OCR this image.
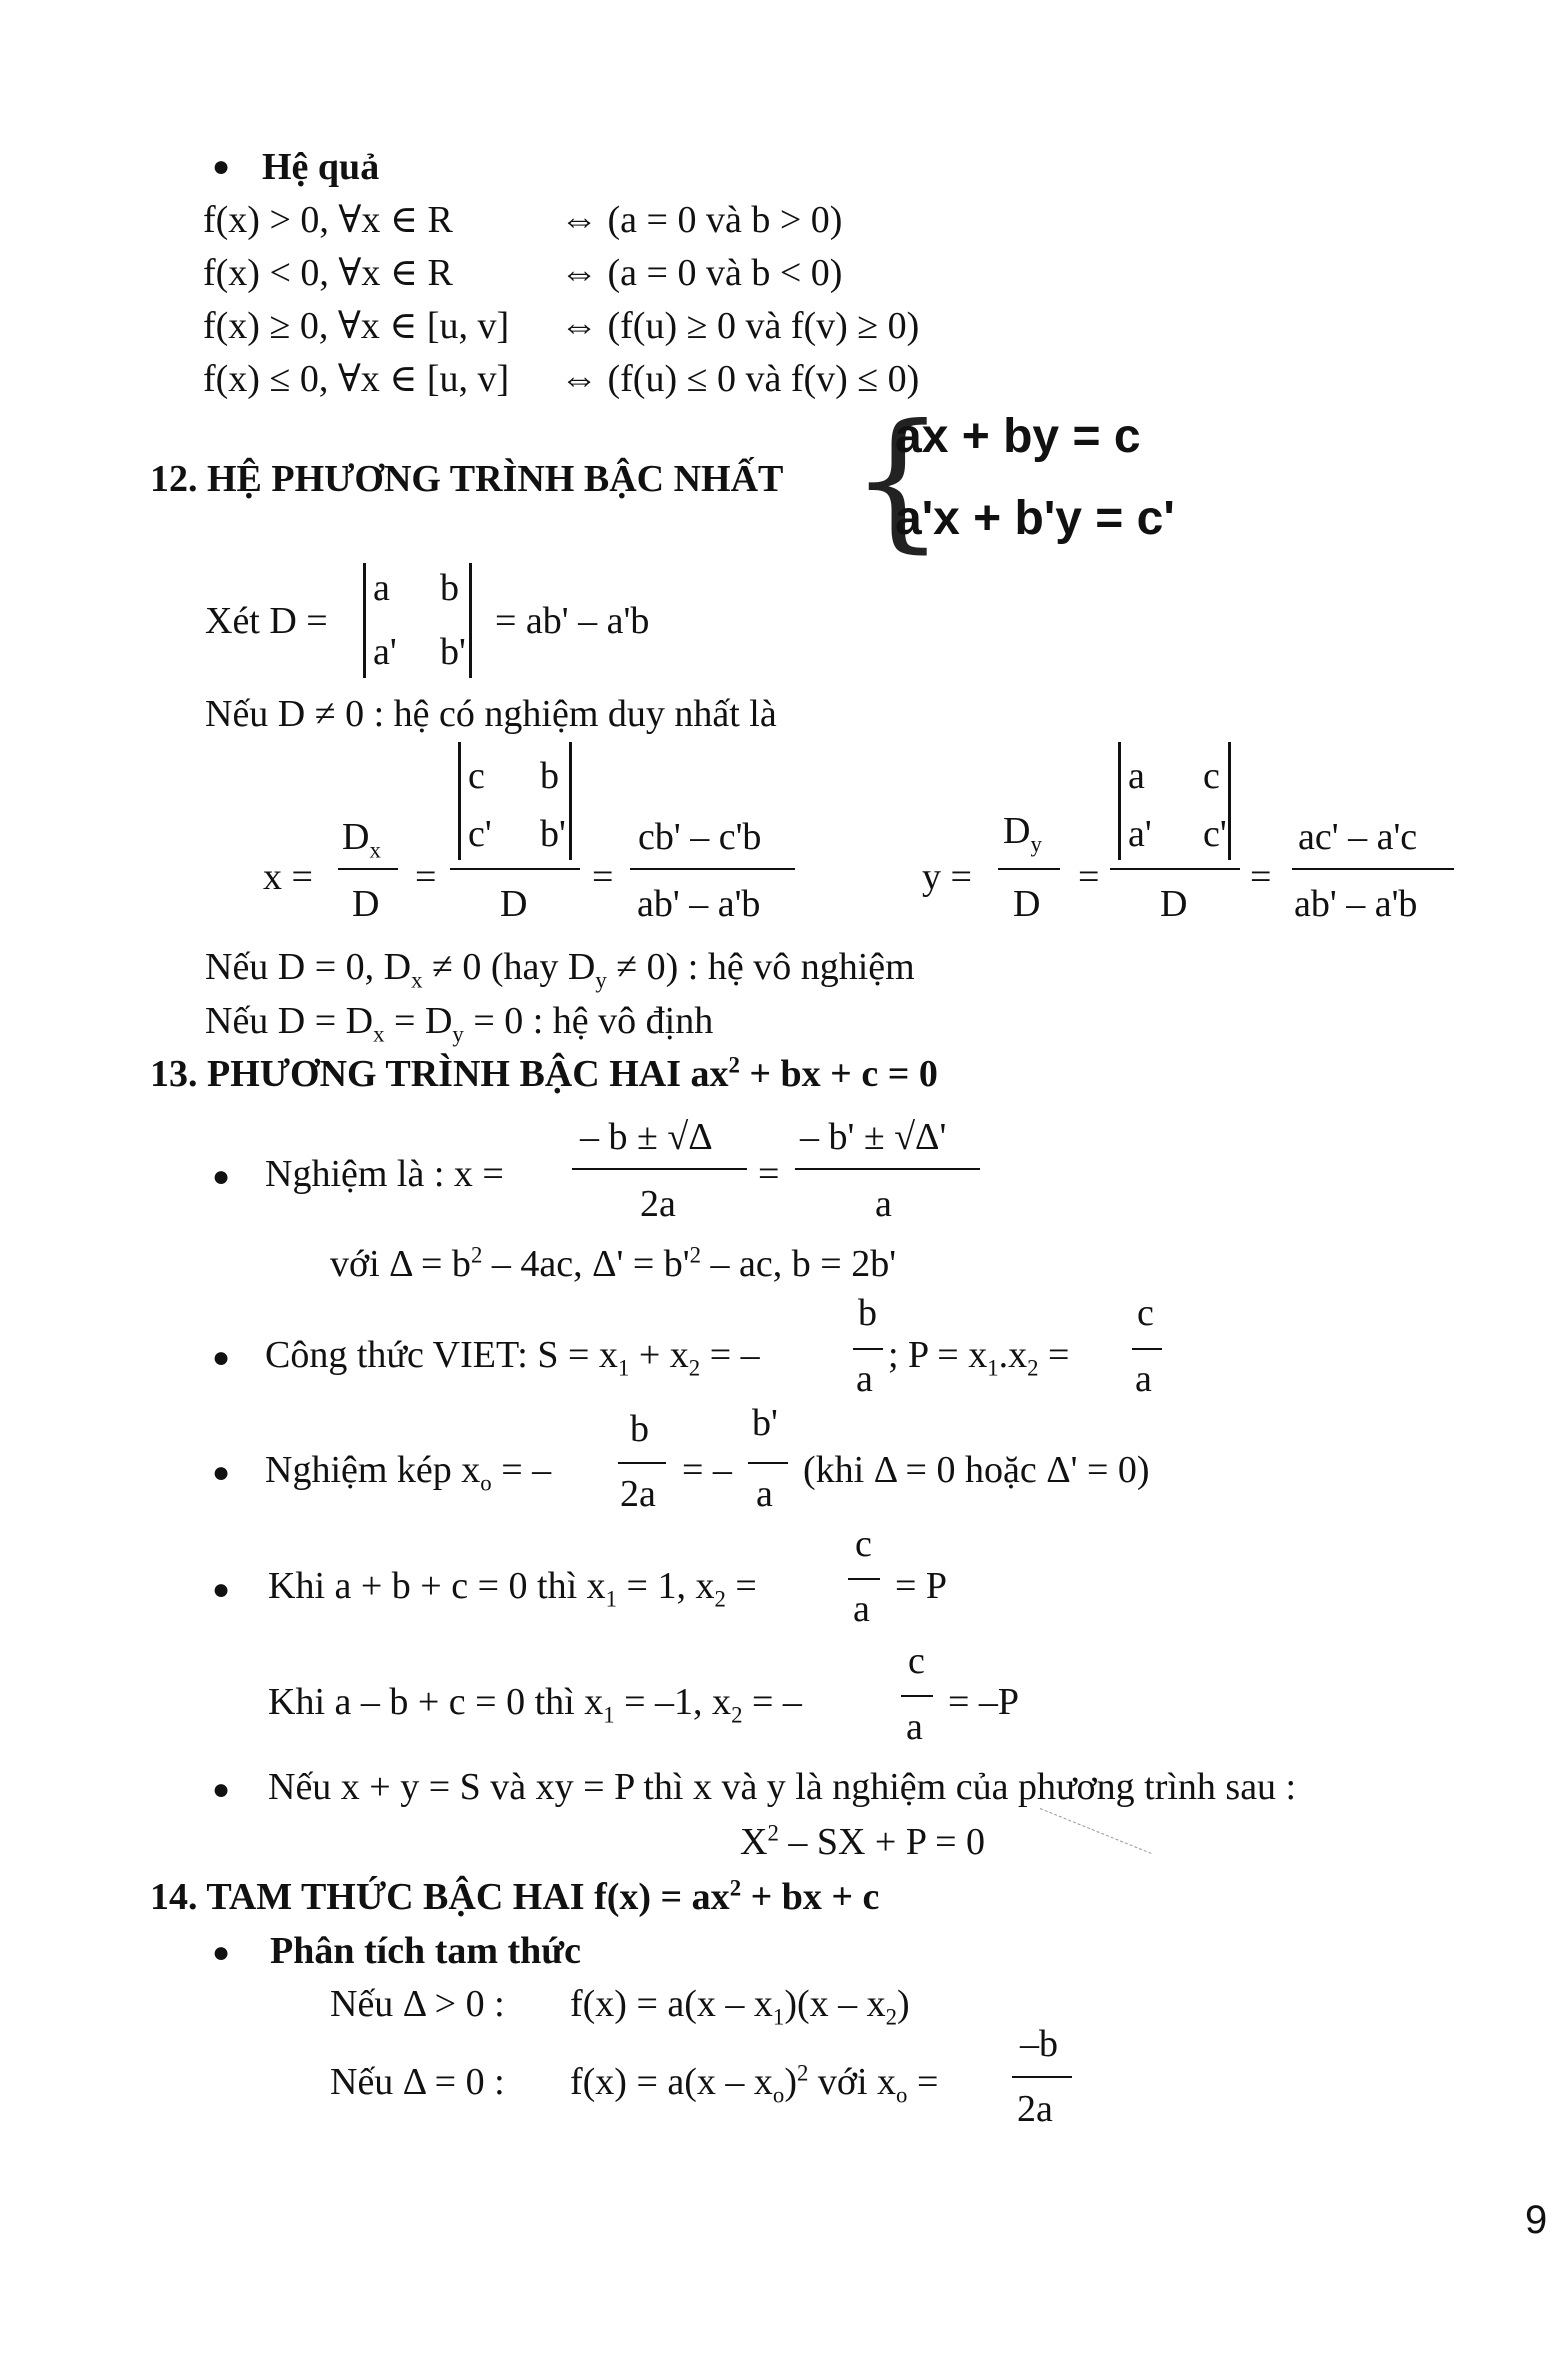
● Hệ quả
f(x) > 0, ∀x ∈ R	⇔ (a = 0 và b > 0)
f(x) < 0, ∀x ∈ R	⇔ (a = 0 và b < 0)
f(x) ≥ 0, ∀x ∈ [u, v] ⇔ (f(u) ≥ 0 và f(v) ≥ 0)
f(x) ≤ 0, ∀x ∈ [u, v] ⇔ (f(u) ≤ 0 và f(v) ≤ 0)
12. HỆ PHƯƠNG TRÌNH BẬC NHẤT {
ax + by = c
a'x + b'y = c'
Xét D =
a b
a' b'
= ab' – a'b
Nếu D ≠ 0 : hệ có nghiệm duy nhất là
x =
$D_x$
D
=
c b
c' b'
D
=
cb' – c'b
ab' – a'b
y =
$D_y$
D
=
a c
a' c'
D
=
ac' – a'c
ab' – a'b
Nếu D = 0, $D_x \ne 0$ (hay $D_y \ne 0$) : hệ vô nghiệm
Nếu $D = D_x = D_y = 0$ : hệ vô định
13. PHƯƠNG TRÌNH BẬC HAI $ax^2$ + bx + c = 0
● Nghiệm là : x =
– b ± √Δ
2a
=
– b' ± √Δ'
a
với $\Delta = b^2 - 4ac$, $\Delta' = b'^2$ – ac, b = 2b'
● Công thức VIET: $S = x_1 + x_2$ = –
b
a
; $P = x_1.x_2$ =
c
a
● Nghiệm kép $x_o$ = –
b
2a
= –
b'
a
(khi Δ = 0 hoặc Δ' = 0)
● Khi a + b + c = 0 thì $x_1 = 1$, $x_2$ =
c
a
= P
Khi a – b + c = 0 thì $x_1 = -1$, $x_2$ = –
c
a
= –P
● Nếu x + y = S và xy = P thì x và y là nghiệm của phương trình sau :
$X^2$ – SX + P = 0
14. TAM THỨC BẬC HAI $f(x) = ax^2$ + bx + c
● Phân tích tam thức
Nếu Δ > 0 : $f(x) = a(x - x_1)(x - x_2)$
Nếu Δ = 0 : $f(x) = a(x - x_o)^2$ với $x_o$ =
–b
2a
9
